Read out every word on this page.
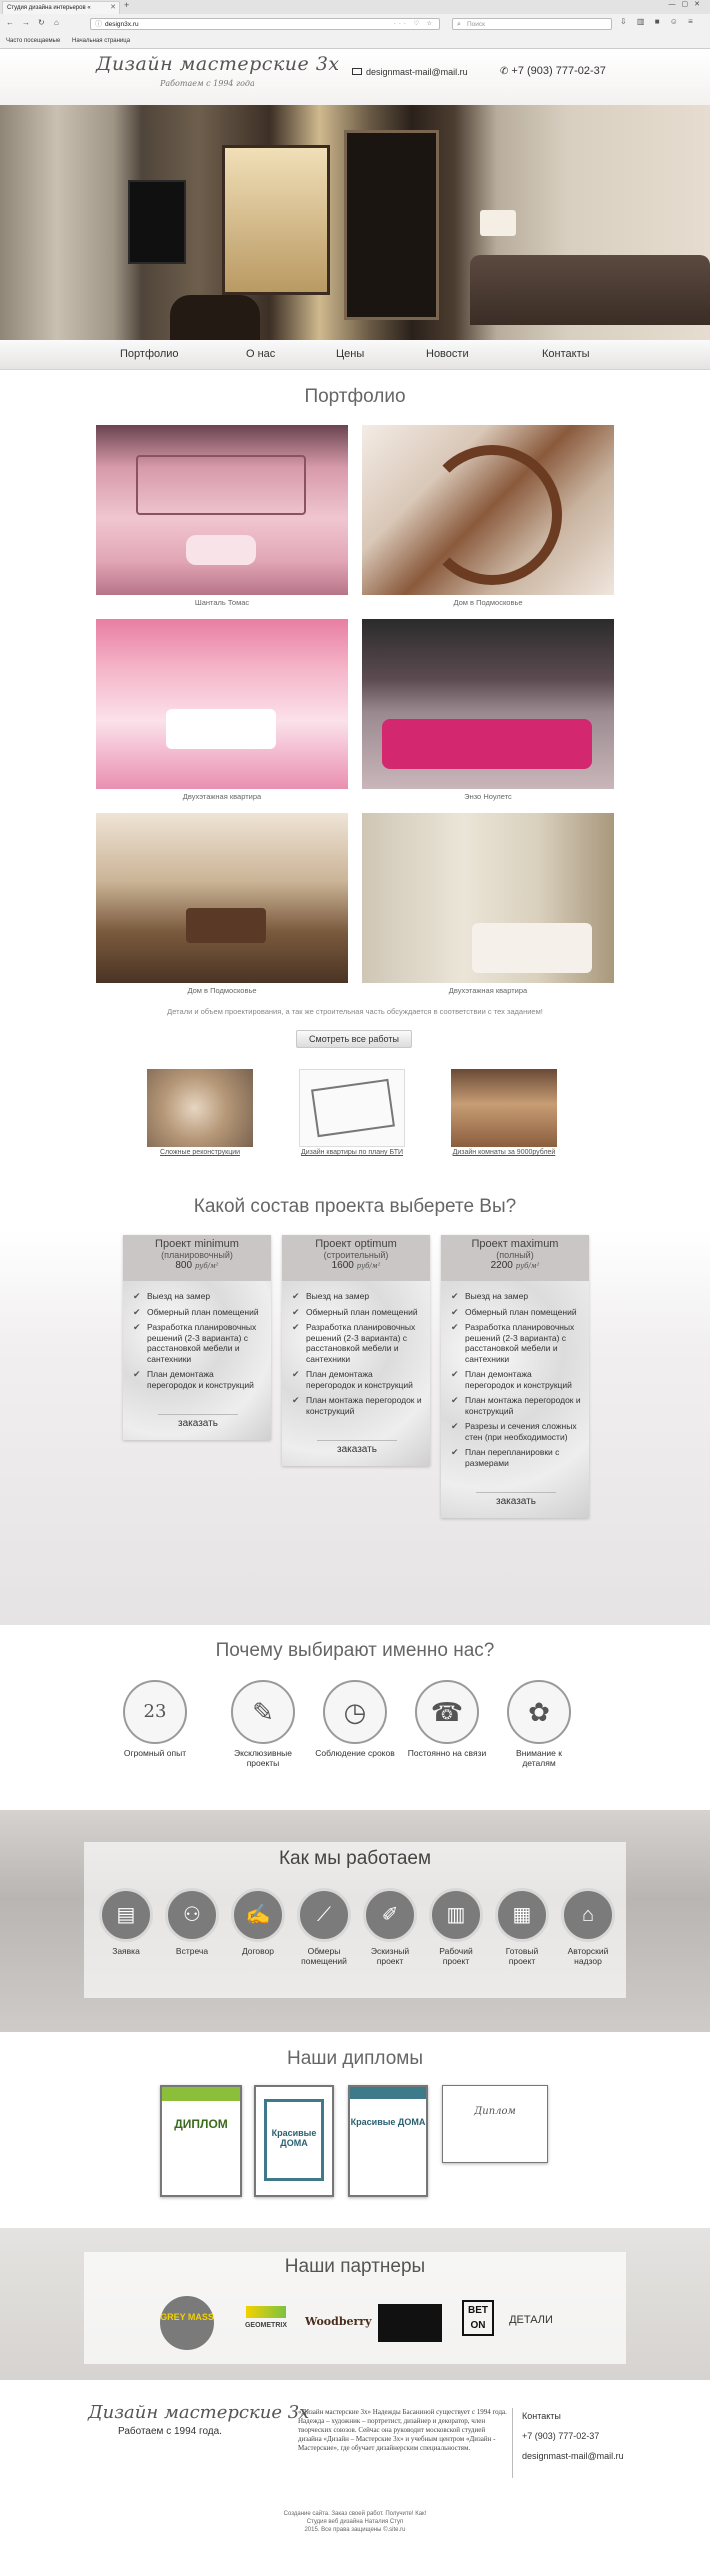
Студия дизайна интерьеров «	✕ +	—▢✕
← → ↻ ⌂	ⓘ design3x.ru	··· ♡ ☆	⌕ Поиск	⇩ ▥ ■ ☺ ≡
Часто посещаемые Начальная страница
Дизайн мастерские 3х
Работаем с 1994 года
designmast-mail@mail.ru	✆ +7 (903) 777-02-37
Портфолио	О нас	Цены	Новости	Контакты
Портфолио
Шанталь Томас	Дом в Подмосковье
Двухэтажная квартира	Энзо Ноулетс
Дом в Подмосковье	Двухэтажная квартира
Детали и объем проектирования, а так же строительная часть обсуждается в соответствии с тех заданием!
Смотреть все работы
Сложные реконструкции	Дизайн квартиры по плану БТИ	Дизайн комнаты за 9000рублей
Какой состав проекта выберете Вы?
Проект minimum
(планировочный)
800 руб/м²
✔ Выезд на замер
✔ Обмерный план помещений
✔ Разработка планировочных решений (2-3 варианта) с расстановкой мебели и сантехники
✔ План демонтажа перегородок и конструкций
заказать
Проект optimum
(строительный)
1600 руб/м²
✔ Выезд на замер
✔ Обмерный план помещений
✔ Разработка планировочных решений (2-3 варианта) с расстановкой мебели и сантехники
✔ План демонтажа перегородок и конструкций
✔ План монтажа перегородок и конструкций
заказать
Проект maximum
(полный)
2200 руб/м²
✔ Выезд на замер
✔ Обмерный план помещений
✔ Разработка планировочных решений (2-3 варианта) с расстановкой мебели и сантехники
✔ План демонтажа перегородок и конструкций
✔ План монтажа перегородок и конструкций
✔ Разрезы и сечения сложных стен (при необходимости)
✔ План перепланировки с размерами
заказать
Почему выбирают именно нас?
23
Огромный опыт
✎
Эксклюзивные проекты
◷
Соблюдение сроков
☎
Постоянно на связи
✿
Внимание к деталям
Как мы работаем
▤
Заявка
⚇
Встреча
✍
Договор
⟋
Обмеры помещений
✐
Эскизный проект
▥
Рабочий проект
▦
Готовый проект
⌂
Авторский надзор
Наши дипломы
ДИПЛОМ
Красивые ДОМА
Красивые ДОМА
Диплом
Наши партнеры
GREY MASS
GEOMETRIX	Woodberry
BET ON	ДЕТАЛИ
Дизайн мастерские 3х
Работаем с 1994 года.
«Дизайн мастерские 3х» Надежды Басаниной существует с 1994 года. Надежда – художник – портретист, дизайнер и декоратор, член творческих союзов. Сейчас она руководит московской студией дизайна «Дизайн – Мастерские 3х» и учебным центром «Дизайн - Мастерские», где обучает дизайнерским специальностям.
Контакты
+7 (903) 777-02-37
designmast-mail@mail.ru
Создание сайта. Заказ своей работ. Получите! Как!
Студия веб дизайна Наталия Ступ
2015. Все права защищены ©.site.ru
